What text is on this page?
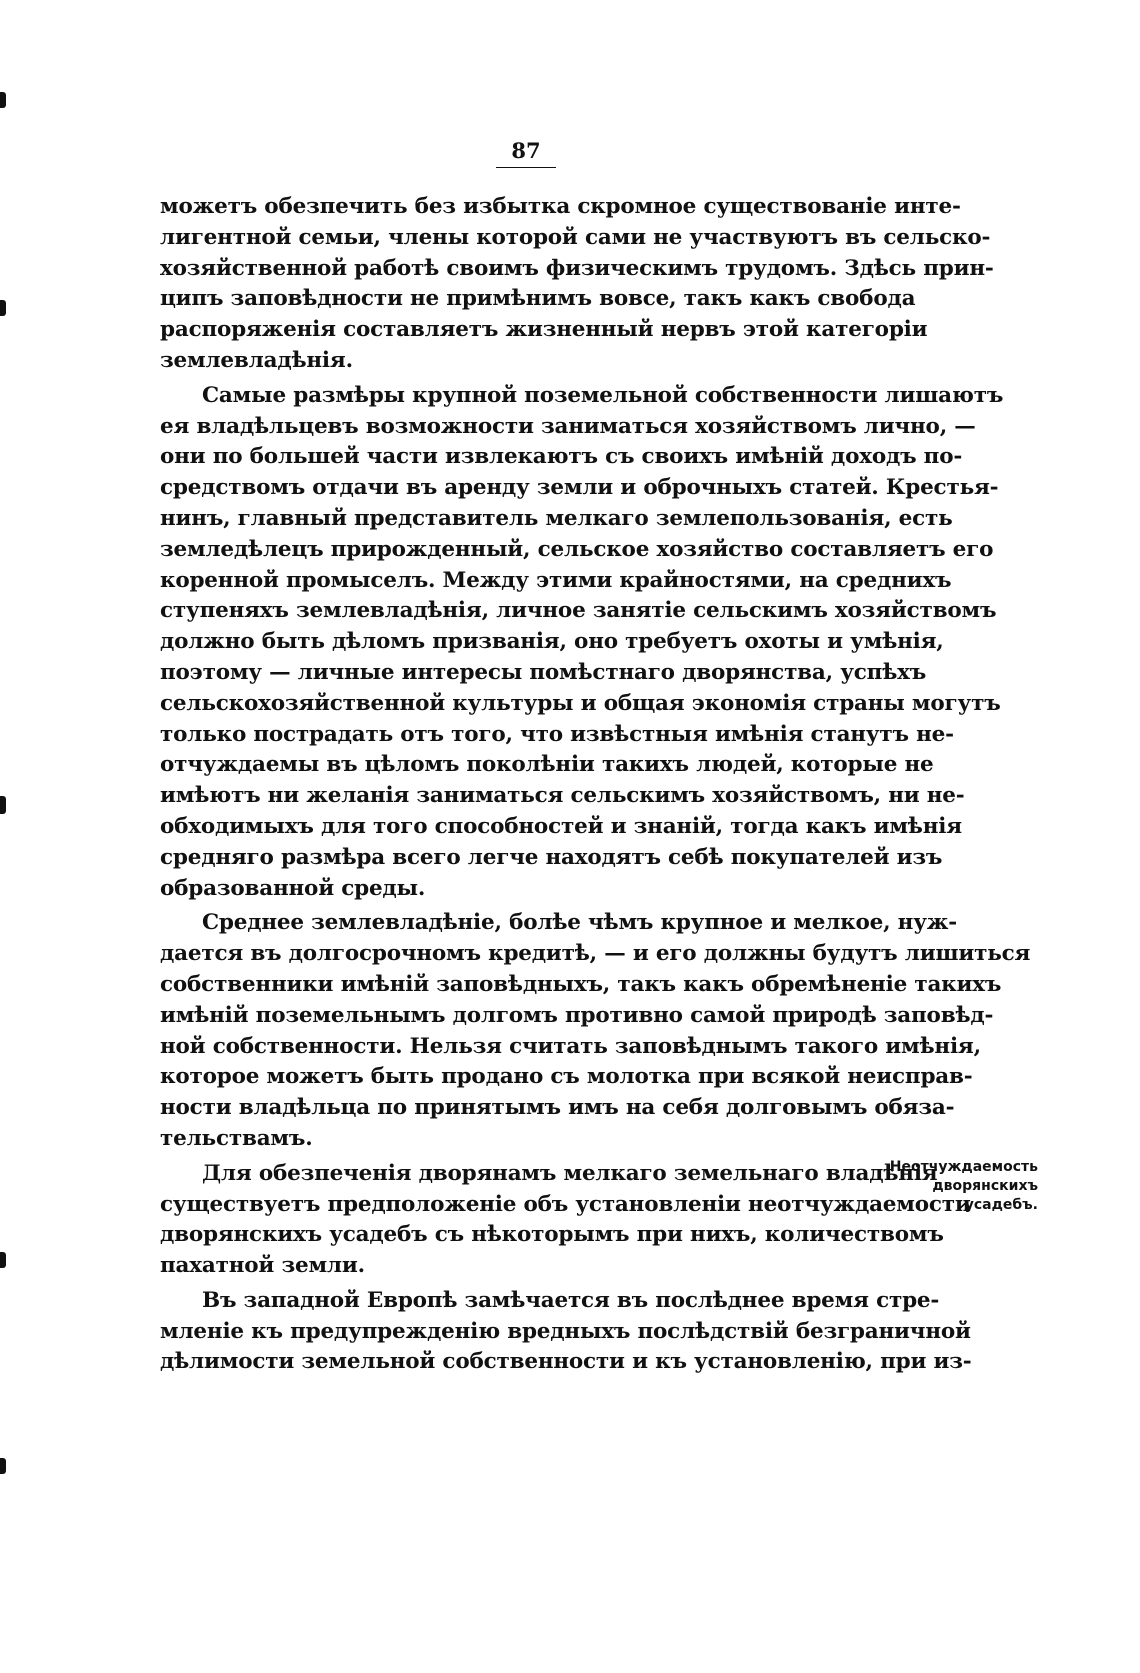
87
можетъ обезпечить без избытка скромное существованіе инте-
лигентной семьи, члены которой сами не участвуютъ въ сельско-
хозяйственной работѣ своимъ физическимъ трудомъ. Здѣсь прин-
ципъ заповѣдности не примѣнимъ вовсе, такъ какъ свобода
распоряженія составляетъ жизненный нервъ этой категоріи
землевладѣнія.
Самые размѣры крупной поземельной собственности лишаютъ
ея владѣльцевъ возможности заниматься хозяйствомъ лично, —
они по большей части извлекаютъ съ своихъ имѣній доходъ по-
средствомъ отдачи въ аренду земли и оброчныхъ статей. Крестья-
нинъ, главный представитель мелкаго землепользованія, есть
земледѣлецъ прирожденный, сельское хозяйство составляетъ его
коренной промыселъ. Между этими крайностями, на среднихъ
ступеняхъ землевладѣнія, личное занятіе сельскимъ хозяйствомъ
должно быть дѣломъ призванія, оно требуетъ охоты и умѣнія,
поэтому — личные интересы помѣстнаго дворянства, успѣхъ
сельскохозяйственной культуры и общая экономія страны могутъ
только пострадать отъ того, что извѣстныя имѣнія станутъ не-
отчуждаемы въ цѣломъ поколѣніи такихъ людей, которые не
имѣютъ ни желанія заниматься сельскимъ хозяйствомъ, ни не-
обходимыхъ для того способностей и знаній, тогда какъ имѣнія
средняго размѣра всего легче находятъ себѣ покупателей изъ
образованной среды.
Среднее землевладѣніе, болѣе чѣмъ крупное и мелкое, нуж-
дается въ долгосрочномъ кредитѣ, — и его должны будутъ лишиться
собственники имѣній заповѣдныхъ, такъ какъ обремѣненіе такихъ
имѣній поземельнымъ долгомъ противно самой природѣ заповѣд-
ной собственности. Нельзя считать заповѣднымъ такого имѣнія,
которое можетъ быть продано съ молотка при всякой неисправ-
ности владѣльца по принятымъ имъ на себя долговымъ обяза-
тельствамъ.
Для обезпеченія дворянамъ мелкаго земельнаго владѣнія
существуетъ предположеніе объ установленіи неотчуждаемости
дворянскихъ усадебъ съ нѣкоторымъ при нихъ, количествомъ
пахатной земли.
Въ западной Европѣ замѣчается въ послѣднее время стре-
мленіе къ предупрежденію вредныхъ послѣдствій безграничной
дѣлимости земельной собственности и къ установленію, при из-
Неотчуждаемость
дворянскихъ
усадебъ.
